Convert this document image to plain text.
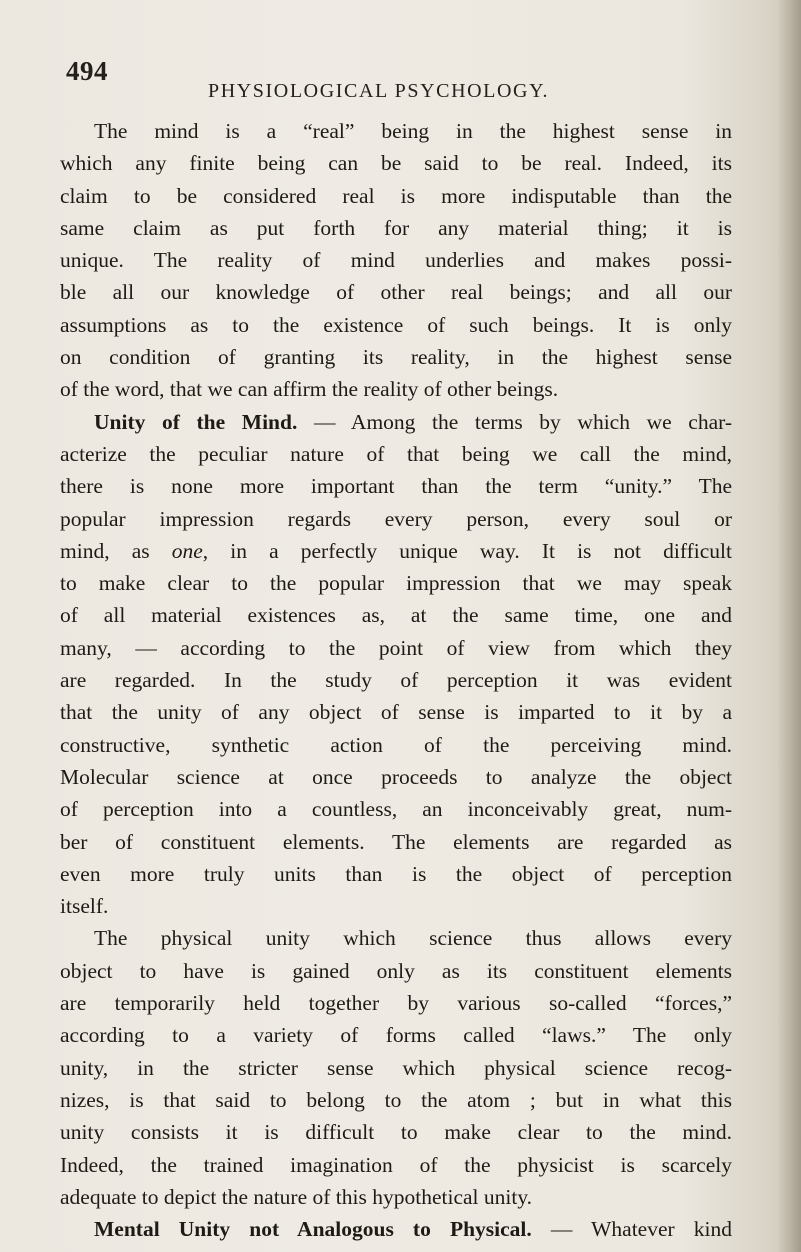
494
PHYSIOLOGICAL PSYCHOLOGY.
The mind is a “real” being in the highest sense in
which any finite being can be said to be real. Indeed, its
claim to be considered real is more indisputable than the
same claim as put forth for any material thing; it is
unique. The reality of mind underlies and makes possi-
ble all our knowledge of other real beings; and all our
assumptions as to the existence of such beings. It is only
on condition of granting its reality, in the highest sense
of the word, that we can affirm the reality of other beings.
Unity of the Mind. — Among the terms by which we char-
acterize the peculiar nature of that being we call the mind,
there is none more important than the term “unity.” The
popular impression regards every person, every soul or
mind, as one, in a perfectly unique way. It is not difficult
to make clear to the popular impression that we may speak
of all material existences as, at the same time, one and
many, — according to the point of view from which they
are regarded. In the study of perception it was evident
that the unity of any object of sense is imparted to it by a
constructive, synthetic action of the perceiving mind.
Molecular science at once proceeds to analyze the object
of perception into a countless, an inconceivably great, num-
ber of constituent elements. The elements are regarded as
even more truly units than is the object of perception
itself.
The physical unity which science thus allows every
object to have is gained only as its constituent elements
are temporarily held together by various so-called “forces,”
according to a variety of forms called “laws.” The only
unity, in the stricter sense which physical science recog-
nizes, is that said to belong to the atom ; but in what this
unity consists it is difficult to make clear to the mind.
Indeed, the trained imagination of the physicist is scarcely
adequate to depict the nature of this hypothetical unity.
Mental Unity not Analogous to Physical. — Whatever kind
